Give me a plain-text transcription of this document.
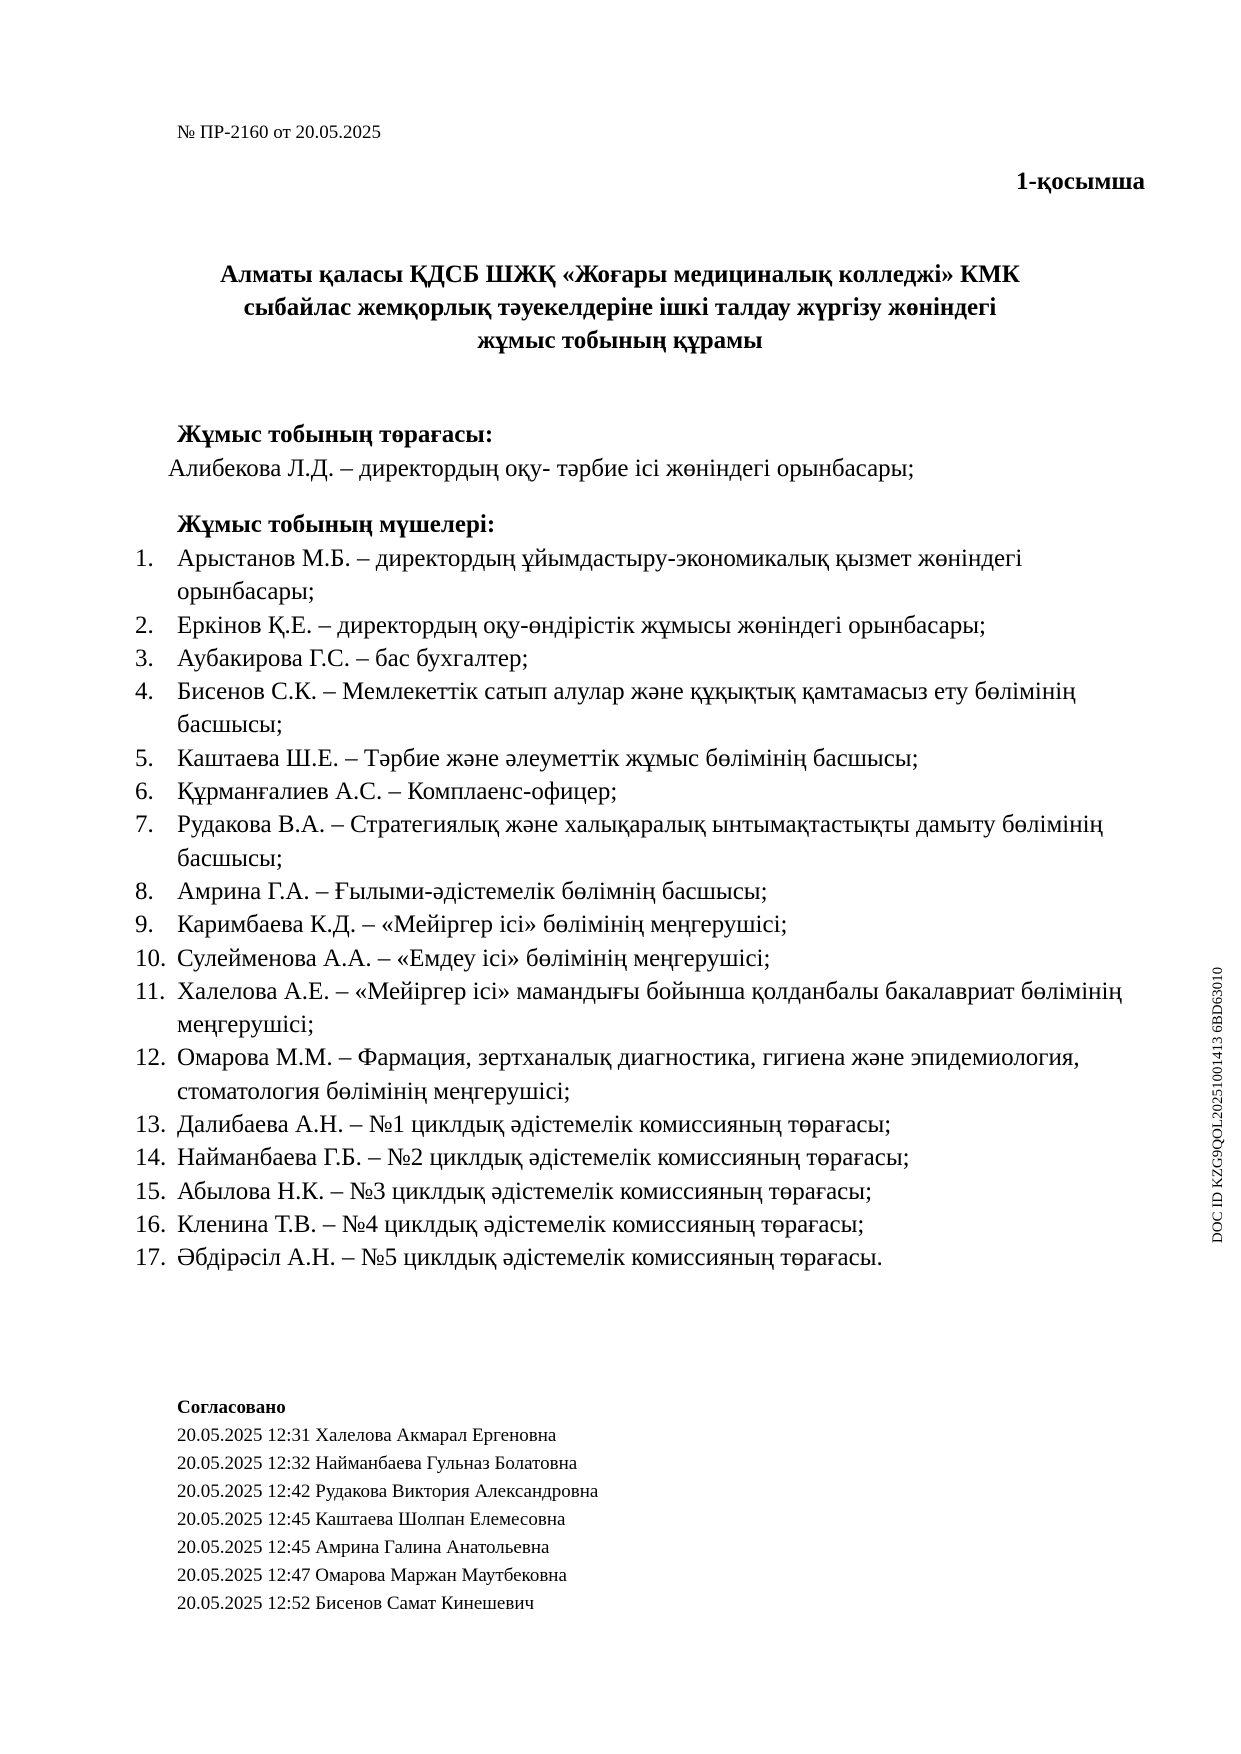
№ ПР-2160 от 20.05.2025
1-қосымша
Алматы қаласы ҚДСБ ШЖҚ «Жоғары медициналық колледжі» КМК
сыбайлас жемқорлық тәуекелдеріне ішкі талдау жүргізу жөніндегі
жұмыс тобының құрамы
Жұмыс тобының төрағасы:
Алибекова Л.Д. – директордың оқу- тәрбие ісі жөніндегі орынбасары;
Жұмыс тобының мүшелері:
1. Арыстанов М.Б. – директордың ұйымдастыру-экономикалық қызмет жөніндегі орынбасары;
2. Еркінов Қ.Е. – директордың оқу-өндірістік жұмысы жөніндегі орынбасары;
3. Аубакирова Г.С. – бас бухгалтер;
4. Бисенов С.К. – Мемлекеттік сатып алулар және құқықтық қамтамасыз ету бөлімінің басшысы;
5. Каштаева Ш.Е. – Тәрбие және әлеуметтік жұмыс бөлімінің басшысы;
6. Құрманғалиев А.С. – Комплаенс-офицер;
7. Рудакова В.А. – Стратегиялық және халықаралық ынтымақтастықты дамыту бөлімінің басшысы;
8. Амрина Г.А. – Ғылыми-әдістемелік бөлімнің басшысы;
9. Каримбаева К.Д. – «Мейіргер ісі» бөлімінің меңгерушісі;
10. Сулейменова А.А. – «Емдеу ісі» бөлімінің меңгерушісі;
11. Халелова А.Е. – «Мейіргер ісі» мамандығы бойынша қолданбалы бакалавриат бөлімінің меңгерушісі;
12. Омарова М.М. – Фармация, зертханалық диагностика, гигиена және эпидемиология, стоматология бөлімінің меңгерушісі;
13. Далибаева А.Н. – №1 циклдық әдістемелік комиссияның төрағасы;
14. Найманбаева Г.Б. – №2 циклдық әдістемелік комиссияның төрағасы;
15. Абылова Н.К. – №3 циклдық әдістемелік комиссияның төрағасы;
16. Кленина Т.В. – №4 циклдық әдістемелік комиссияның төрағасы;
17. Әбдірәсіл А.Н. – №5 циклдық әдістемелік комиссияның төрағасы.
Согласовано
20.05.2025 12:31 Халелова Акмарал Ергеновна
20.05.2025 12:32 Найманбаева Гульназ Болатовна
20.05.2025 12:42 Рудакова Виктория Александровна
20.05.2025 12:45 Каштаева Шолпан Елемесовна
20.05.2025 12:45 Амрина Галина Анатольевна
20.05.2025 12:47 Омарова Маржан Маутбековна
20.05.2025 12:52 Бисенов Самат Кинешевич
DOC ID KZG9QOL20251001413 6BD63010
